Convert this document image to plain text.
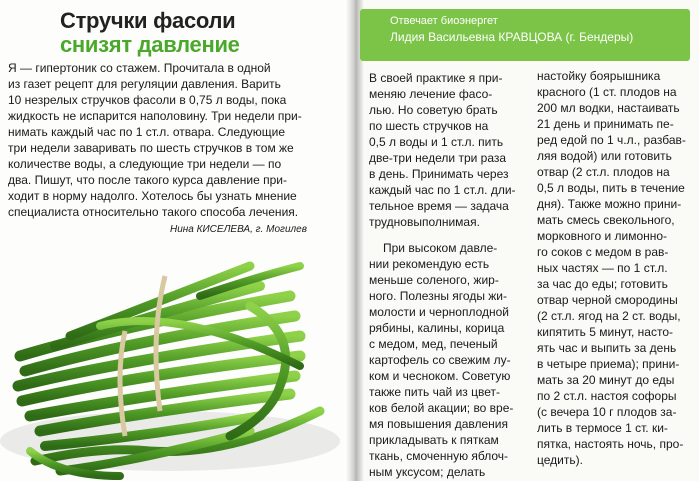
Стручки фасоли
снизят давление
Я — гипертоник со стажем. Прочитала в одной
из газет рецепт для регуляции давления. Варить
10 незрелых стручков фасоли в 0,75 л воды, пока
жидкость не испарится наполовину. Три недели при-
нимать каждый час по 1 ст.л. отвара. Следующие
три недели заваривать по шесть стручков в том же
количестве воды, а следующие три недели — по
два. Пишут, что после такого курса давление при-
ходит в норму надолго. Хотелось бы узнать мнение
специалиста относительно такого способа лечения.
Нина КИСЕЛЕВА, г. Могилев
Отвечает биоэнергет
Лидия Васильевна КРАВЦОВА (г. Бендеры)
В своей практике я при-
меняю лечение фасо-
лью. Но советую брать
по шесть стручков на
0,5 л воды и 1 ст.л. пить
две-три недели три раза
в день. Принимать через
каждый час по 1 ст.л. дли-
тельное время — задача
трудновыполнимая.
При высоком давле-
нии рекомендую есть
меньше соленого, жир-
ного. Полезны ягоды жи-
молости и черноплодной
рябины, калины, корица
с медом, мед, печеный
картофель со свежим лу-
ком и чесноком. Советую
также пить чай из цвет-
ков белой акации; во вре-
мя повышения давления
прикладывать к пяткам
ткань, смоченную яблоч-
ным уксусом; делать
настойку боярышника
красного (1 ст. плодов на
200 мл водки, настаивать
21 день и принимать пе-
ред едой по 1 ч.л., разбав-
ляя водой) или готовить
отвар (2 ст.л. плодов на
0,5 л воды, пить в течение
дня). Также можно прини-
мать смесь свекольного,
морковного и лимонно-
го соков с медом в рав-
ных частях — по 1 ст.л.
за час до еды; готовить
отвар черной смородины
(2 ст.л. ягод на 2 ст. воды,
кипятить 5 минут, насто-
ять час и выпить за день
в четыре приема); прини-
мать за 20 минут до еды
по 2 ст.л. настоя софоры
(с вечера 10 г плодов за-
лить в термосе 1 ст. ки-
пятка, настоять ночь, про-
цедить).
